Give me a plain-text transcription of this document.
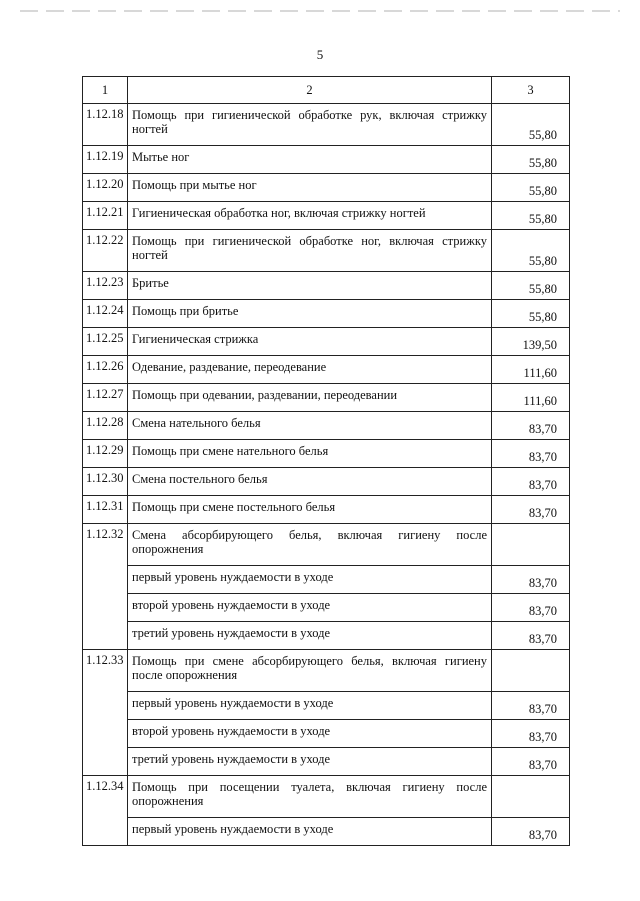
5
1	2	3
1.12.18	Помощь при гигиенической обработке рук, включая стрижку ногтей	55,80
1.12.19	Мытье ног	55,80
1.12.20	Помощь при мытье ног	55,80
1.12.21	Гигиеническая обработка ног, включая стрижку ногтей	55,80
1.12.22	Помощь при гигиенической обработке ног, включая стрижку ногтей	55,80
1.12.23	Бритье	55,80
1.12.24	Помощь при бритье	55,80
1.12.25	Гигиеническая стрижка	139,50
1.12.26	Одевание, раздевание, переодевание	111,60
1.12.27	Помощь при одевании, раздевании, переодевании	111,60
1.12.28	Смена нательного белья	83,70
1.12.29	Помощь при смене нательного белья	83,70
1.12.30	Смена постельного белья	83,70
1.12.31	Помощь при смене постельного белья	83,70
1.12.32	Смена абсорбирующего белья, включая гигиену после опорожнения	
	первый уровень нуждаемости в уходе	83,70
	второй уровень нуждаемости в уходе	83,70
	третий уровень нуждаемости в уходе	83,70
1.12.33	Помощь при смене абсорбирующего белья, включая гигиену после опорожнения	
	первый уровень нуждаемости в уходе	83,70
	второй уровень нуждаемости в уходе	83,70
	третий уровень нуждаемости в уходе	83,70
1.12.34	Помощь при посещении туалета, включая гигиену после опорожнения	
	первый уровень нуждаемости в уходе	83,70
